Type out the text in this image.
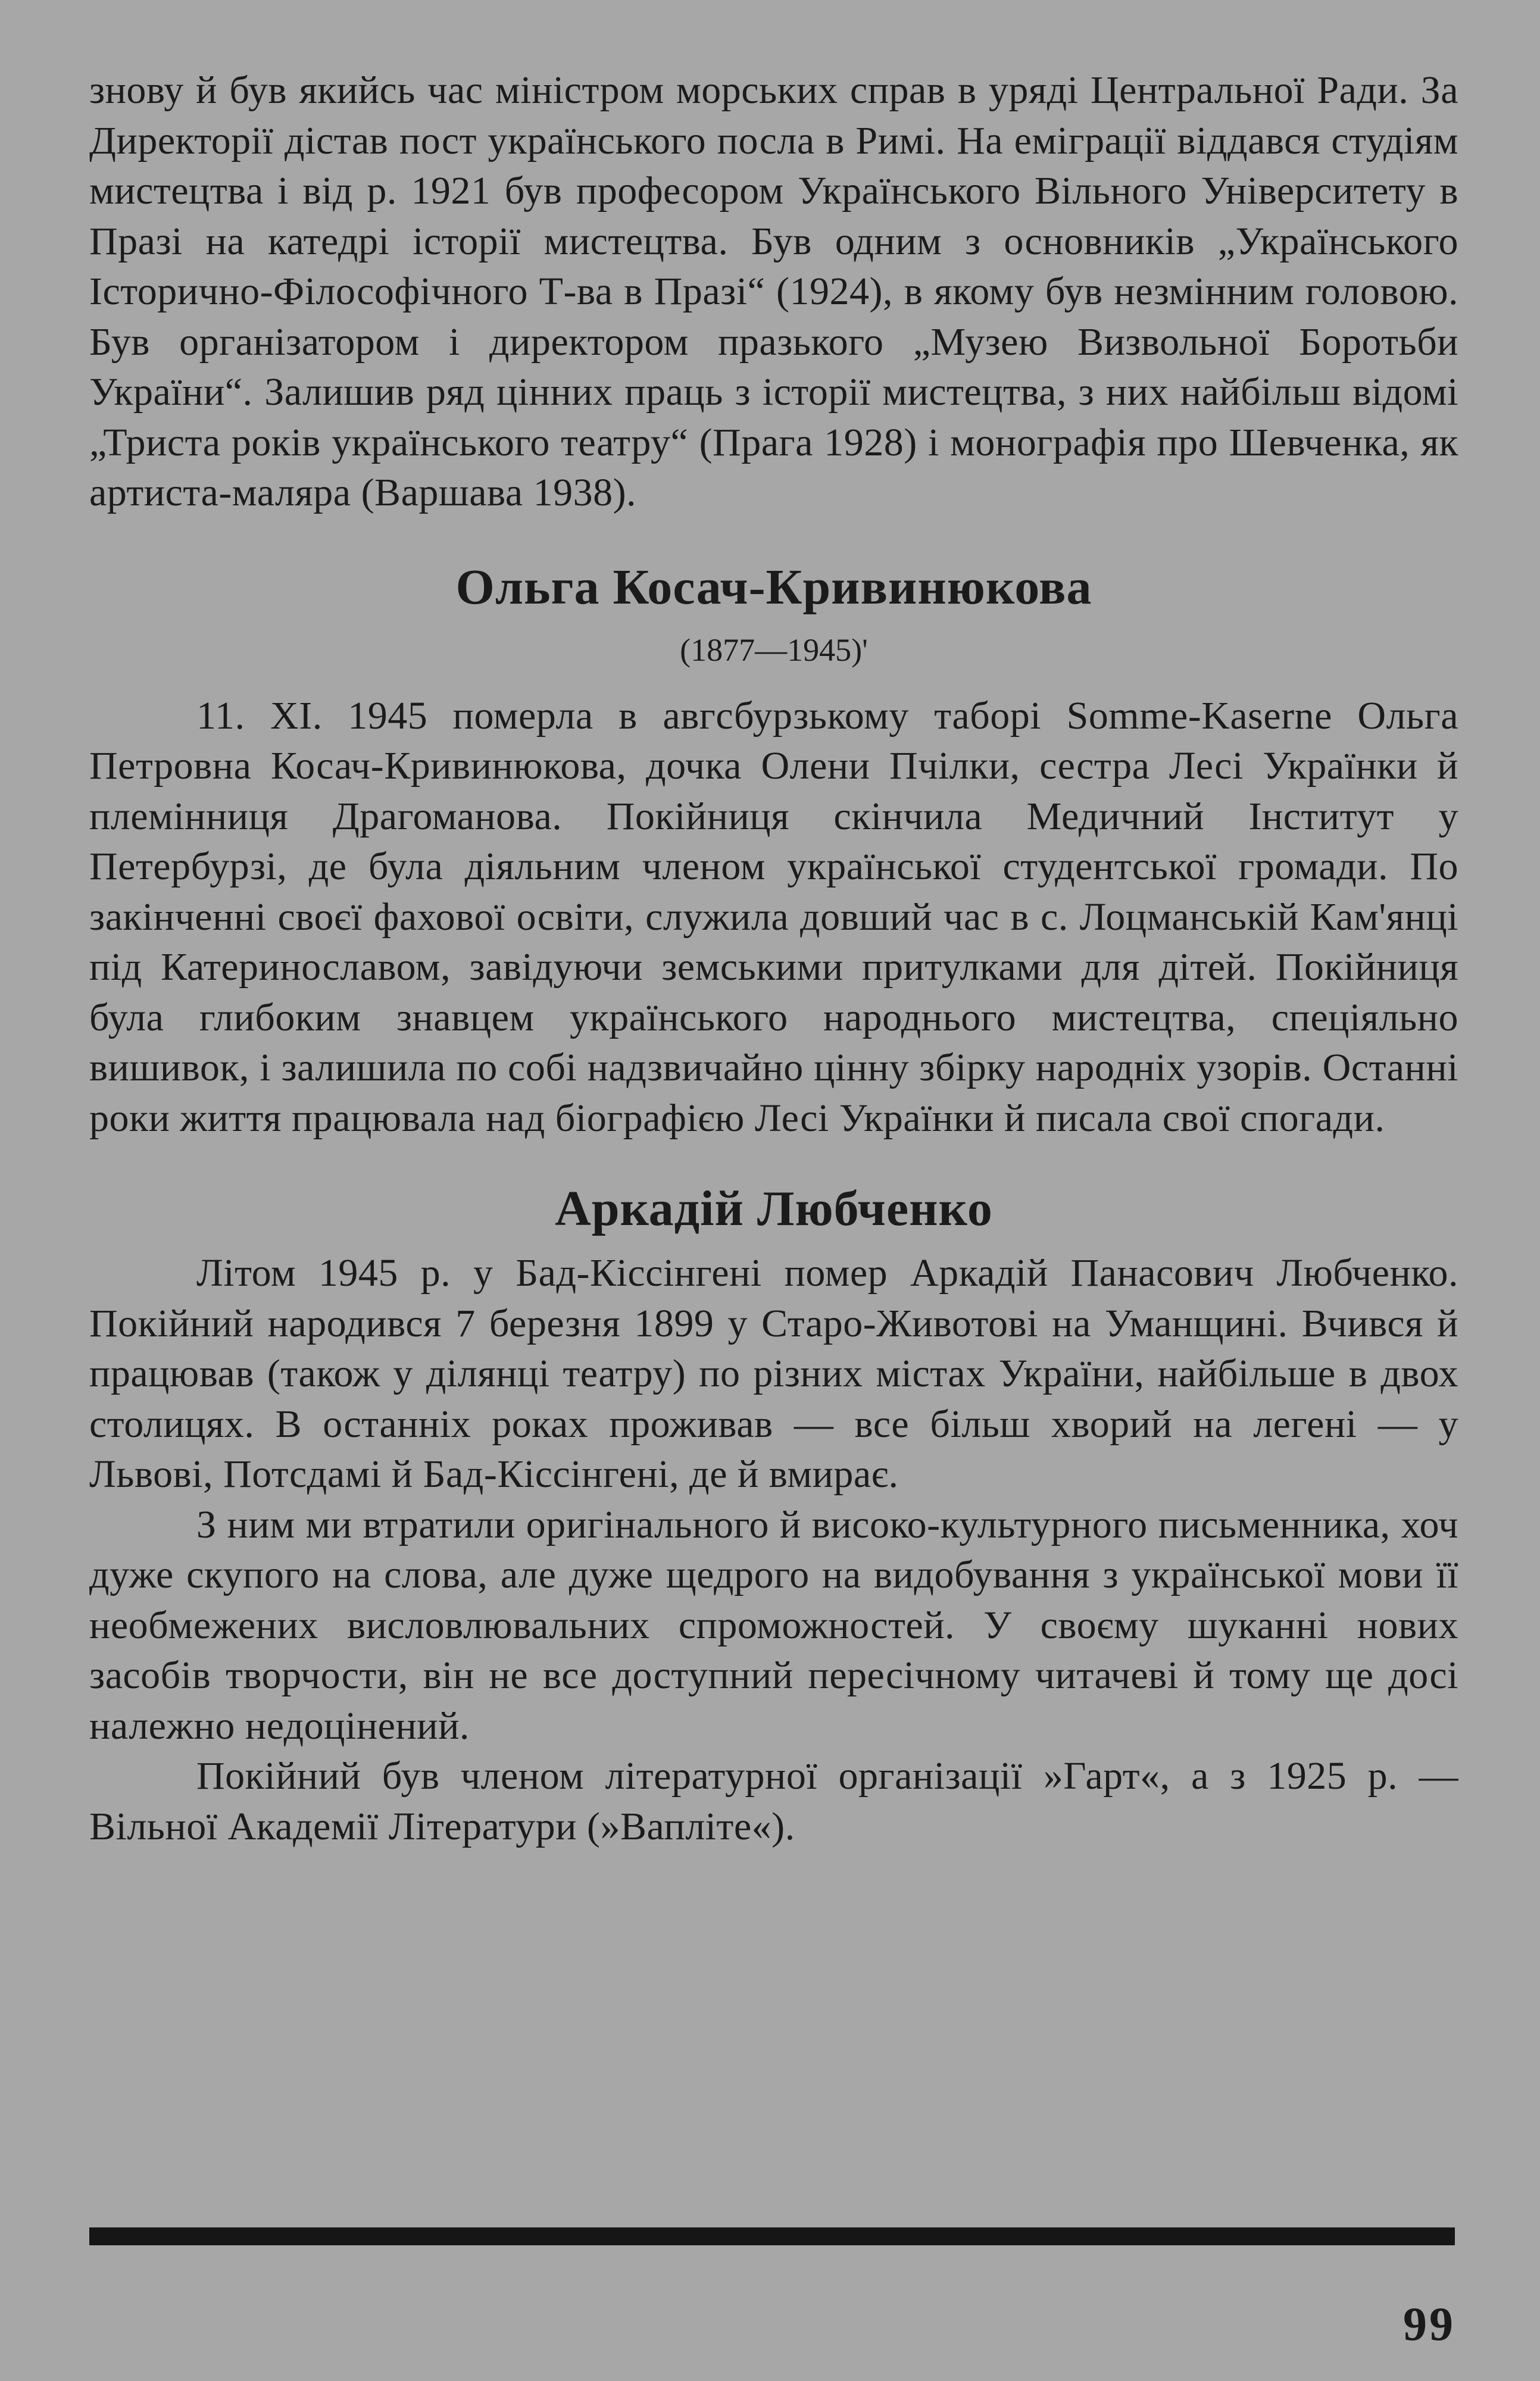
знову й був якийсь час міністром морських справ в уряді Центральної Ради. За Директорії дістав пост українського посла в Римі. На еміграції віддався студіям мистецтва і від р. 1921 був професором Українського Вільного Університету в Празі на катедрі історії мистецтва. Був одним з основників „Українського Історично-Філософічного Т-ва в Празі“ (1924), в якому був незмінним головою. Був організатором і директором празького „Музею Визвольної Боротьби України“. Залишив ряд цінних праць з історії мистецтва, з них найбільш відомі „Триста років українського театру“ (Прага 1928) і монографія про Шевченка, як артиста-маляра (Варшава 1938).

Ольга Косач-Кривинюкова

(1877—1945)'

11. XI. 1945 померла в авгсбурзькому таборі Somme-Kaserne Ольга Петровна Косач-Кривинюкова, дочка Олени Пчілки, сестра Лесі Українки й племінниця Драгоманова. Покійниця скінчила Медичний Інститут у Петербурзі, де була діяльним членом української студентської громади. По закінченні своєї фахової освіти, служила довший час в с. Лоцманській Кам'янці під Катеринославом, завідуючи земськими притулками для дітей. Покійниця була глибоким знавцем українського народнього мистецтва, спеціяльно вишивок, і залишила по собі надзвичайно цінну збірку народніх узорів. Останні роки життя працювала над біографією Лесі Українки й писала свої спогади.

Аркадій Любченко

Літом 1945 р. у Бад-Кіссінгені помер Аркадій Панасович Любченко. Покійний народився 7 березня 1899 у Старо-Животові на Уманщині. Вчився й працював (також у ділянці театру) по різних містах України, найбільше в двох столицях. В останніх роках проживав — все більш хворий на легені — у Львові, Потсдамі й Бад-Кіссінгені, де й вмирає.

З ним ми втратили оригінального й високо-культурного письменника, хоч дуже скупого на слова, але дуже щедрого на видобування з української мови її необмежених висловлювальних спроможностей. У своєму шуканні нових засобів творчости, він не все доступний пересічному читачеві й тому ще досі належно недоцінений.

Покійний був членом літературної організації »Гарт«, а з 1925 р. — Вільної Академії Літератури (»Вапліте«).

99
